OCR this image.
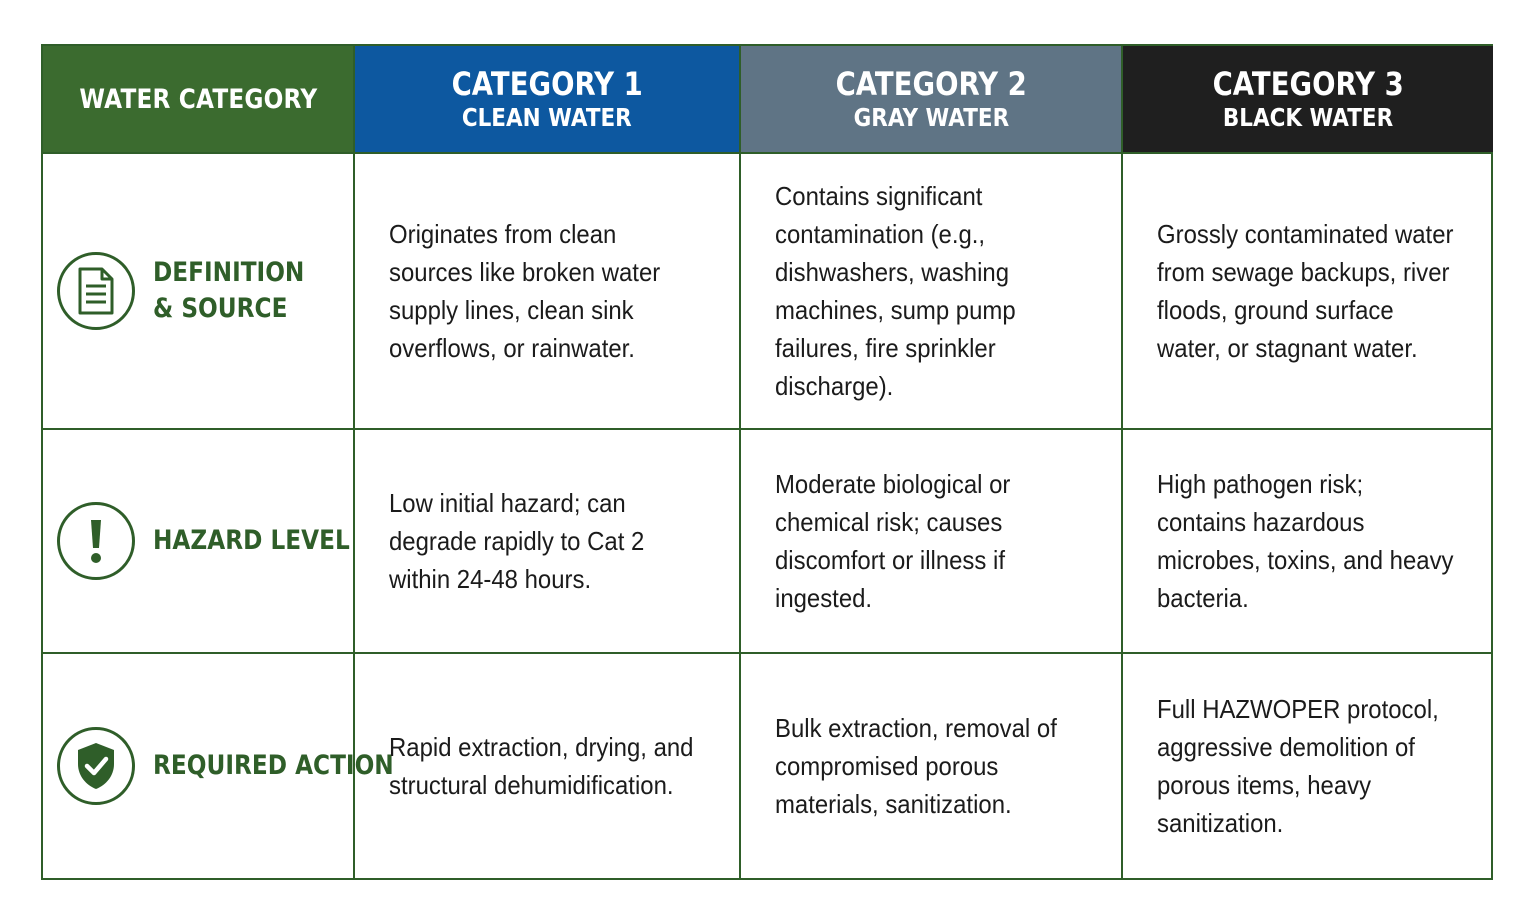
WATER CATEGORY	CATEGORY 1
CLEAN WATER
CATEGORY 2
GRAY WATER
CATEGORY 3
BLACK WATER
DEFINITION & SOURCE

Originates from clean sources like broken water supply lines, clean sink overflows, or rainwater.

Contains significant contamination (e.g., dishwashers, washing machines, sump pump failures, fire sprinkler discharge).

Grossly contaminated water from sewage backups, river floods, ground surface water, or stagnant water.

HAZARD LEVEL

Low initial hazard; can degrade rapidly to Cat 2 within 24-48 hours.

Moderate biological or chemical risk; causes discomfort or illness if ingested.

High pathogen risk; contains hazardous microbes, toxins, and heavy bacteria.

REQUIRED ACTION

Rapid extraction, drying, and structural dehumidification.

Bulk extraction, removal of compromised porous materials, sanitization.

Full HAZWOPER protocol, aggressive demolition of porous items, heavy sanitization.
